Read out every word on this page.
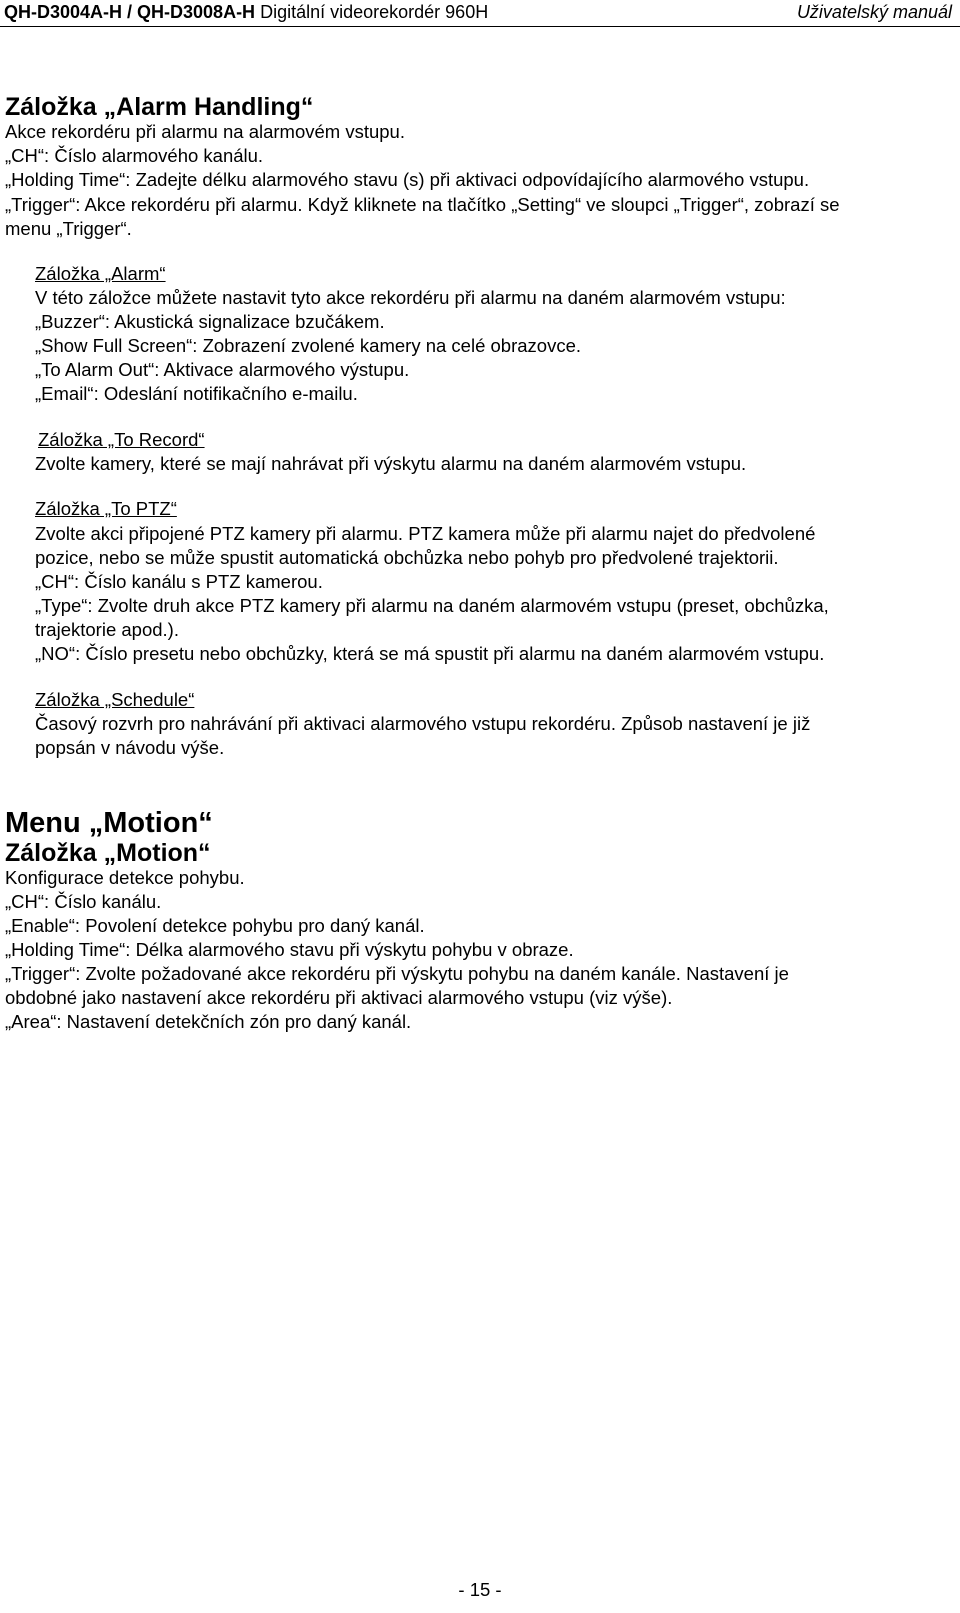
QH-D3004A-H / QH-D3008A-H Digitální videorekordér 960H	Uživatelský manuál
Záložka „Alarm Handling“
Akce rekordéru při alarmu na alarmovém vstupu.
„CH“: Číslo alarmového kanálu.
„Holding Time“: Zadejte délku alarmového stavu (s) při aktivaci odpovídajícího alarmového vstupu.
„Trigger“: Akce rekordéru při alarmu. Když kliknete na tlačítko „Setting“ ve sloupci „Trigger“, zobrazí se
menu „Trigger“.
Záložka „Alarm“
V této záložce můžete nastavit tyto akce rekordéru při alarmu na daném alarmovém vstupu:
„Buzzer“: Akustická signalizace bzučákem.
„Show Full Screen“: Zobrazení zvolené kamery na celé obrazovce.
„To Alarm Out“: Aktivace alarmového výstupu.
„Email“: Odeslání notifikačního e-mailu.
Záložka „To Record“
Zvolte kamery, které se mají nahrávat při výskytu alarmu na daném alarmovém vstupu.
Záložka „To PTZ“
Zvolte akci připojené PTZ kamery při alarmu. PTZ kamera může při alarmu najet do předvolené
pozice, nebo se může spustit automatická obchůzka nebo pohyb pro předvolené trajektorii.
„CH“: Číslo kanálu s PTZ kamerou.
„Type“: Zvolte druh akce PTZ kamery při alarmu na daném alarmovém vstupu (preset, obchůzka,
trajektorie apod.).
„NO“: Číslo presetu nebo obchůzky, která se má spustit při alarmu na daném alarmovém vstupu.
Záložka „Schedule“
Časový rozvrh pro nahrávání při aktivaci alarmového vstupu rekordéru. Způsob nastavení je již
popsán v návodu výše.
Menu „Motion“
Záložka „Motion“
Konfigurace detekce pohybu.
„CH“: Číslo kanálu.
„Enable“: Povolení detekce pohybu pro daný kanál.
„Holding Time“: Délka alarmového stavu při výskytu pohybu v obraze.
„Trigger“: Zvolte požadované akce rekordéru při výskytu pohybu na daném kanále. Nastavení je
obdobné jako nastavení akce rekordéru při aktivaci alarmového vstupu (viz výše).
„Area“: Nastavení detekčních zón pro daný kanál.
- 15 -
